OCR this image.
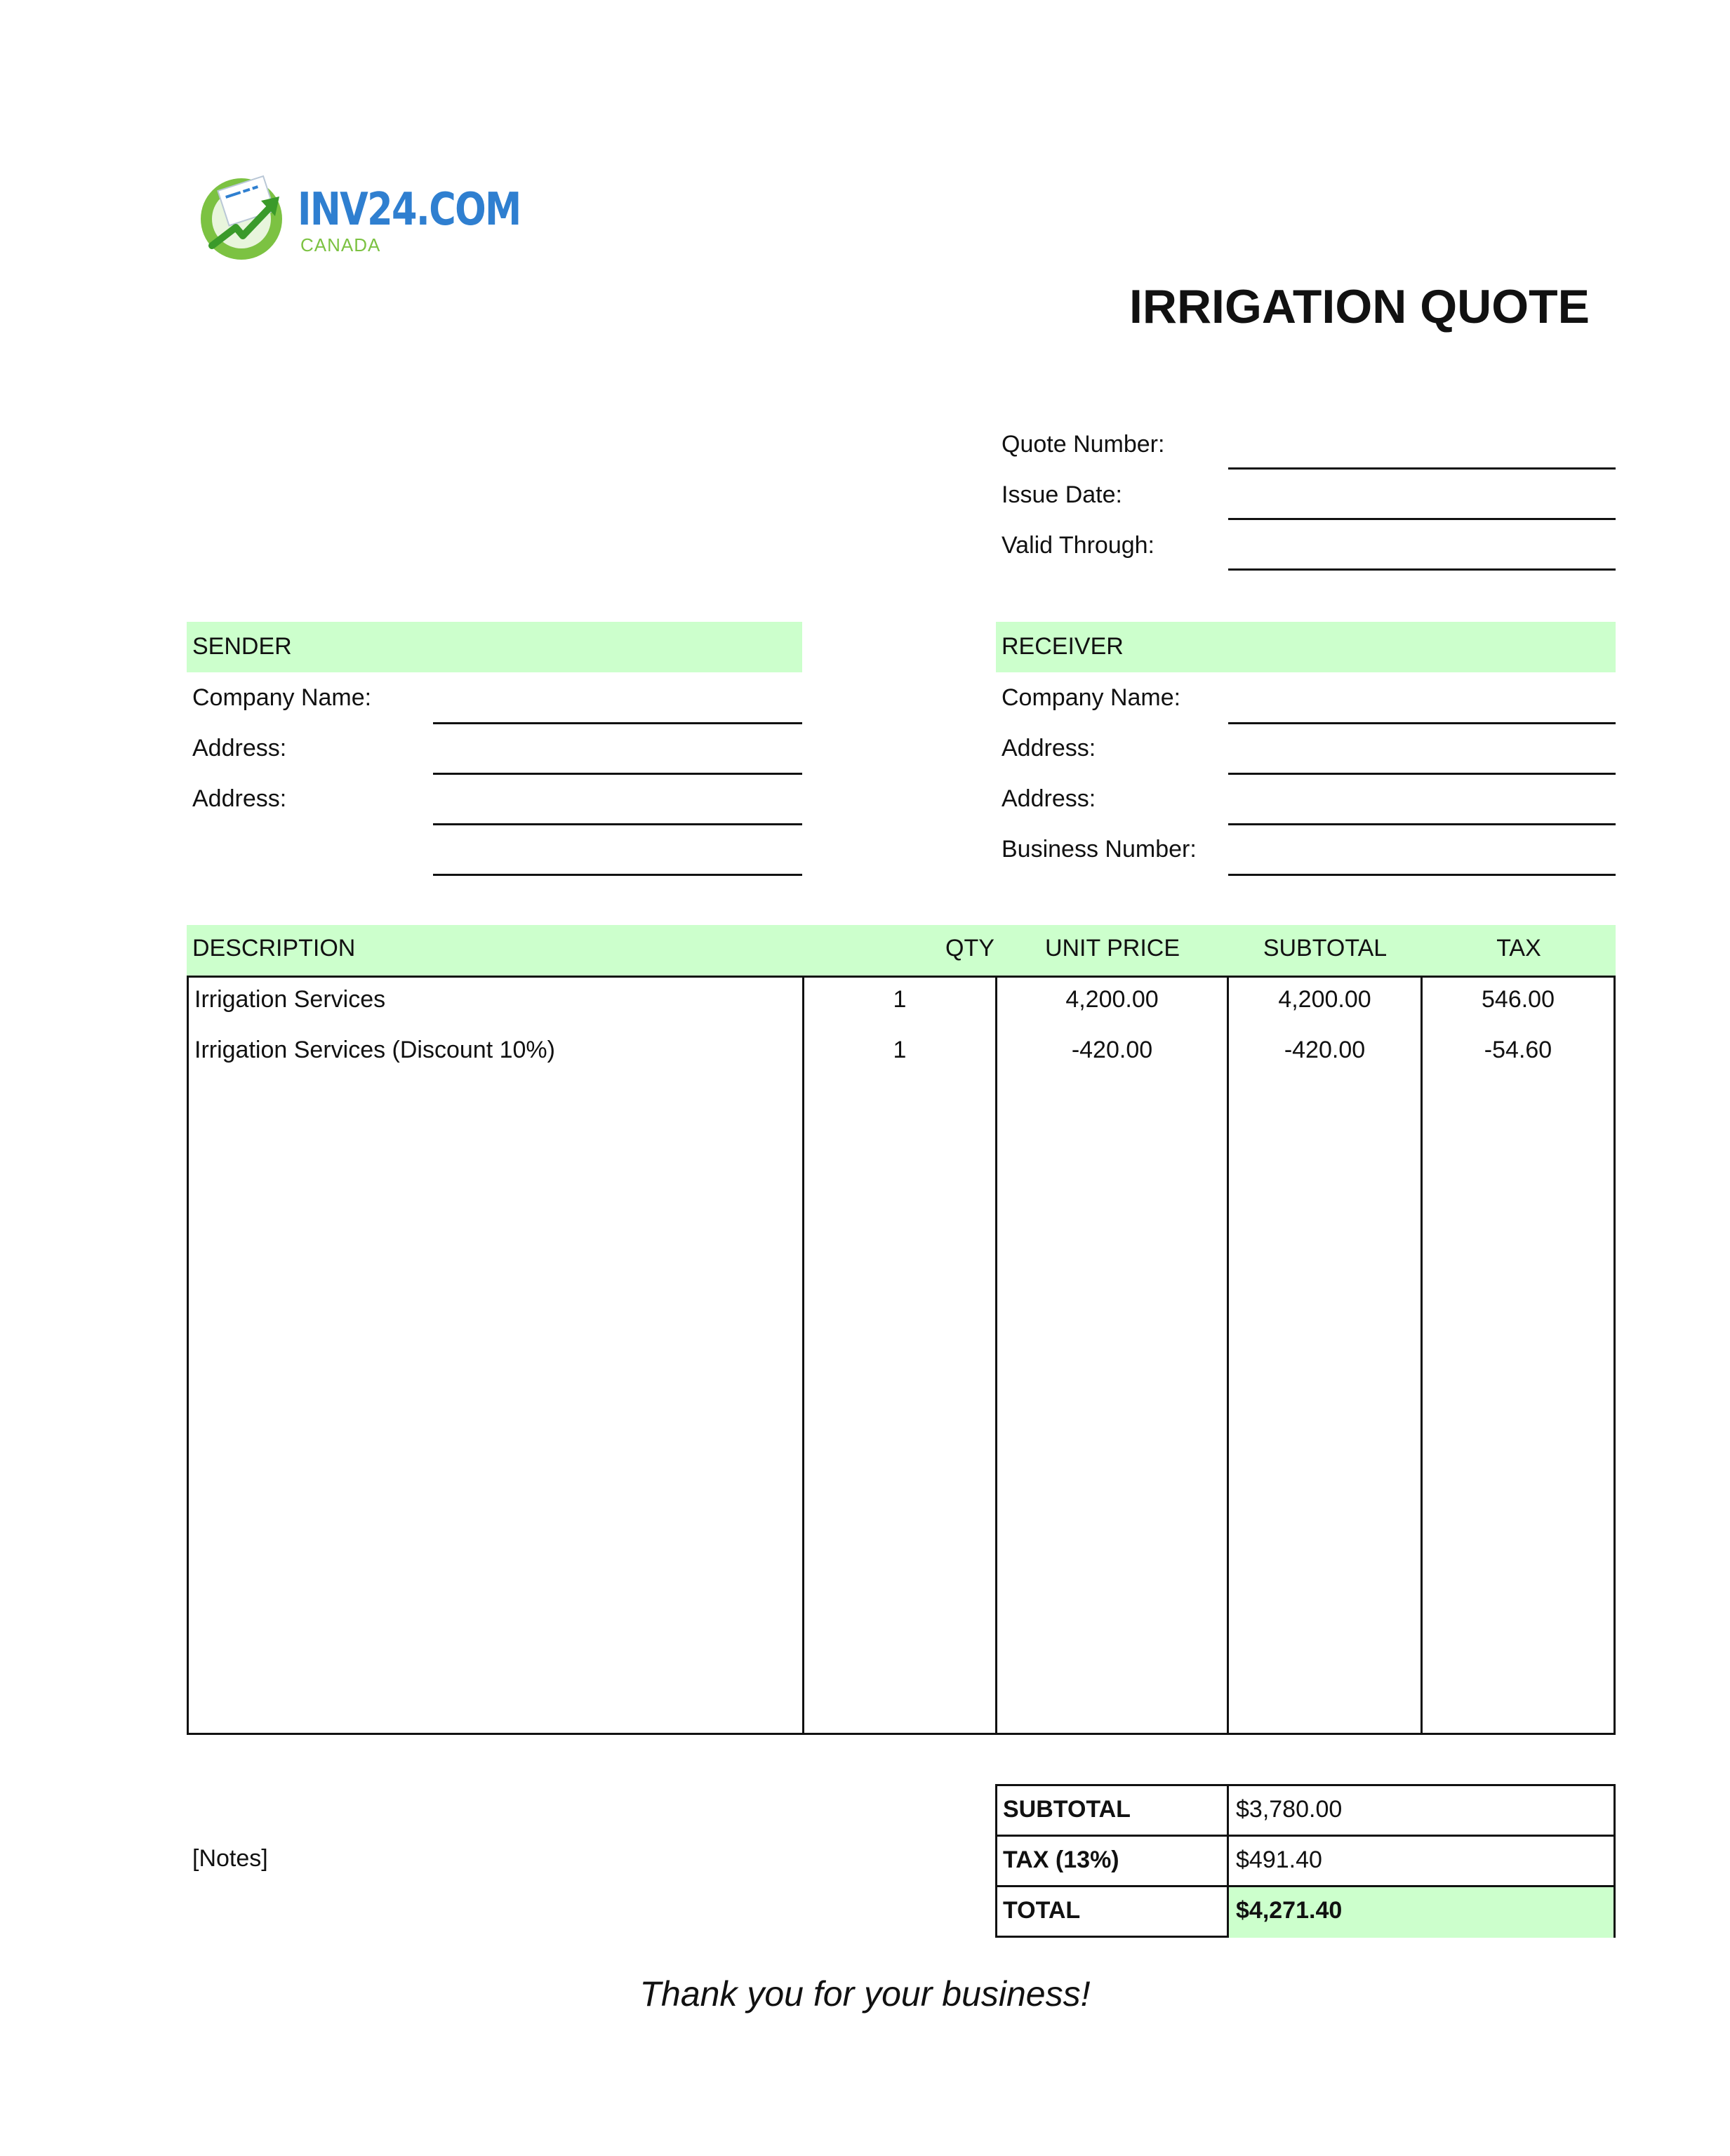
INV24.COM
CANADA
IRRIGATION QUOTE
Quote Number:
Issue Date:
Valid Through:
SENDER
Company Name:
Address:
Address:
RECEIVER
Company Name:
Address:
Address:
Business Number:
DESCRIPTION	QTY	UNIT PRICE	SUBTOTAL	TAX
Irrigation Services	1	4,200.00	4,200.00	546.00
Irrigation Services (Discount 10%)	1	-420.00	-420.00	-54.60
[Notes]
SUBTOTAL	$3,780.00
TAX (13%)	$491.40
TOTAL	$4,271.40
Thank you for your business!
